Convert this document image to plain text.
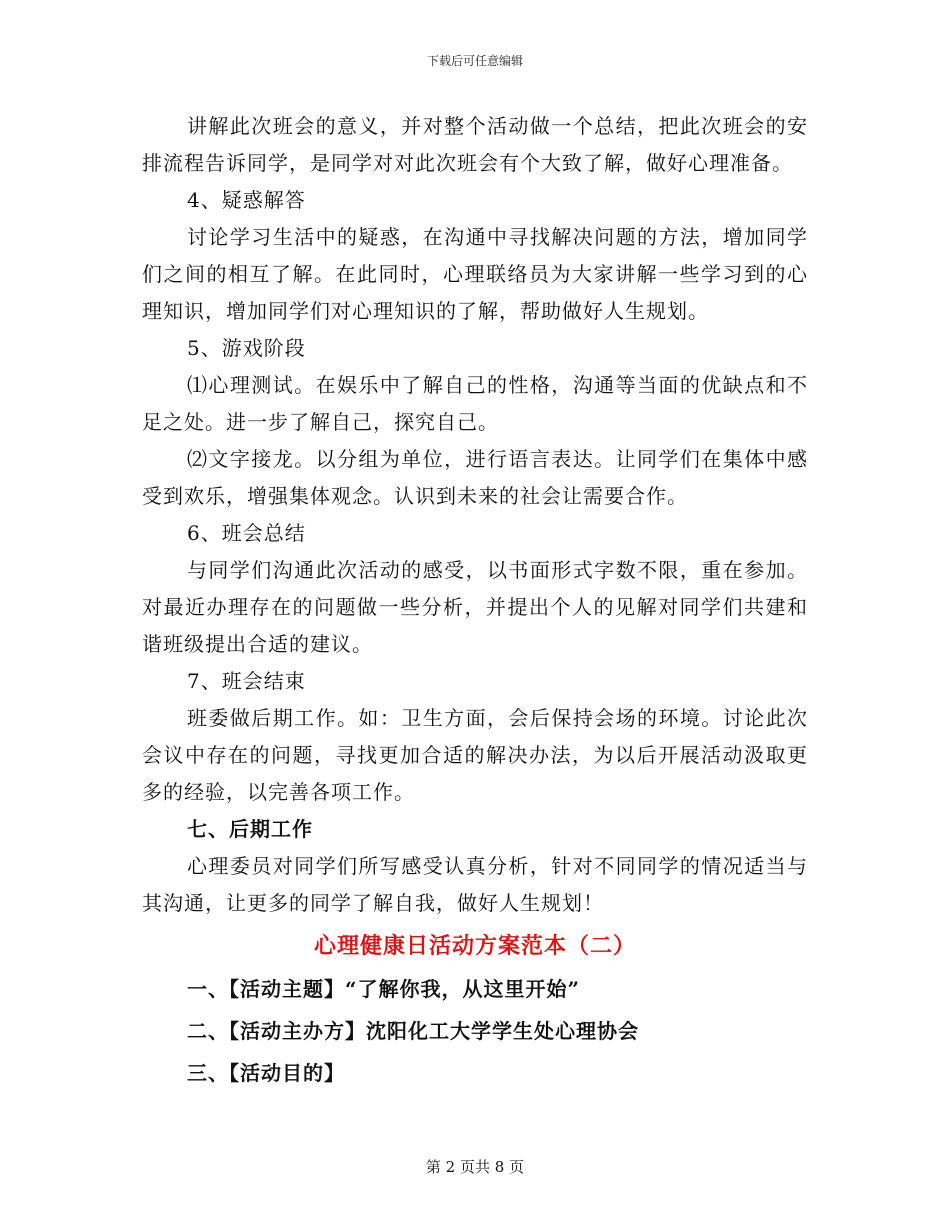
下载后可任意编辑

讲解此次班会的意义，并对整个活动做一个总结，把此次班会的安排流程告诉同学，是同学对对此次班会有个大致了解，做好心理准备。

4、疑惑解答

讨论学习生活中的疑惑，在沟通中寻找解决问题的方法，增加同学们之间的相互了解。在此同时，心理联络员为大家讲解一些学习到的心理知识，增加同学们对心理知识的了解，帮助做好人生规划。

5、游戏阶段

⑴心理测试。在娱乐中了解自己的性格，沟通等当面的优缺点和不足之处。进一步了解自己，探究自己。

⑵文字接龙。以分组为单位，进行语言表达。让同学们在集体中感受到欢乐，增强集体观念。认识到未来的社会让需要合作。

6、班会总结

与同学们沟通此次活动的感受，以书面形式字数不限，重在参加。对最近办理存在的问题做一些分析，并提出个人的见解对同学们共建和谐班级提出合适的建议。

7、班会结束

班委做后期工作。如：卫生方面，会后保持会场的环境。讨论此次会议中存在的问题，寻找更加合适的解决办法，为以后开展活动汲取更多的经验，以完善各项工作。

七、后期工作

心理委员对同学们所写感受认真分析，针对不同同学的情况适当与其沟通，让更多的同学了解自我，做好人生规划！

心理健康日活动方案范本（二）

一、【活动主题】“了解你我，从这里开始”

二、【活动主办方】沈阳化工大学学生处心理协会

三、【活动目的】

第 2 页共 8 页
